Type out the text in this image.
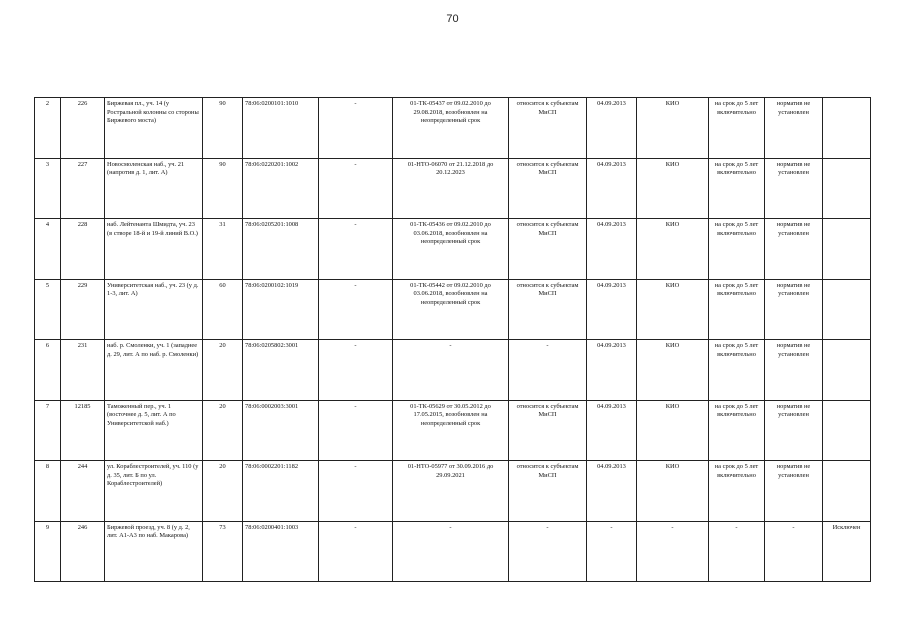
70
2	226	Биржевая пл., уч. 14 (у Ростральной колонны со стороны Биржевого моста)	90	78:06:0200101:1010	-	01-ТК-05437 от 09.02.2010 до 29.08.2018, возобновлен на неопределенный срок	относится к субъектам МиСП	04.09.2013	КИО	на срок до 5 лет включительно	норматив не установлен	
3	227	Новосмоленская наб., уч. 21 (напротив д. 1, лит. А)	90	78:06:0220201:1002	-	01-НТО-06070 от 21.12.2018 до 20.12.2023	относится к субъектам МиСП	04.09.2013	КИО	на срок до 5 лет включительно	норматив не установлен	
4	228	наб. Лейтенанта Шмидта, уч. 23 (в створе 18-й и 19-й линий В.О.)	31	78:06:0205201:1008	-	01-ТК-05436 от 09.02.2010 до 03.06.2018, возобновлен на неопределенный срок	относится к субъектам МиСП	04.09.2013	КИО	на срок до 5 лет включительно	норматив не установлен	
5	229	Университетская наб., уч. 23 (у д. 1-3, лит. А)	60	78:06:0200102:1019	-	01-ТК-05442 от 09.02.2010 до 03.06.2018, возобновлен на неопределенный срок	относится к субъектам МиСП	04.09.2013	КИО	на срок до 5 лет включительно	норматив не установлен	
6	231	наб. р. Смоленки, уч. 1 (западнее д. 29, лит. А по наб. р. Смоленки)	20	78:06:0205802:3001	-	-	-	04.09.2013	КИО	на срок до 5 лет включительно	норматив не установлен	
7	12185	Таможенный пер., уч. 1 (восточнее д. 5, лит. А по Университетской наб.)	20	78:06:0002003:3001	-	01-ТК-05629 от 30.05.2012 до 17.05.2015, возобновлен на неопределенный срок	относится к субъектам МиСП	04.09.2013	КИО	на срок до 5 лет включительно	норматив не установлен	
8	244	ул. Кораблестроителей, уч. 110 (у д. 35, лит. Б по ул. Кораблестроителей)	20	78:06:0002201:1182	-	01-НТО-05977 от 30.09.2016 до 29.09.2021	относится к субъектам МиСП	04.09.2013	КИО	на срок до 5 лет включительно	норматив не установлен	
9	246	Биржевой проезд, уч. 8 (у д. 2, лит. А1-А3 по наб. Макарова)	73	78:06:0200401:1003	-	-	-	-	-	-	-	Исключен
